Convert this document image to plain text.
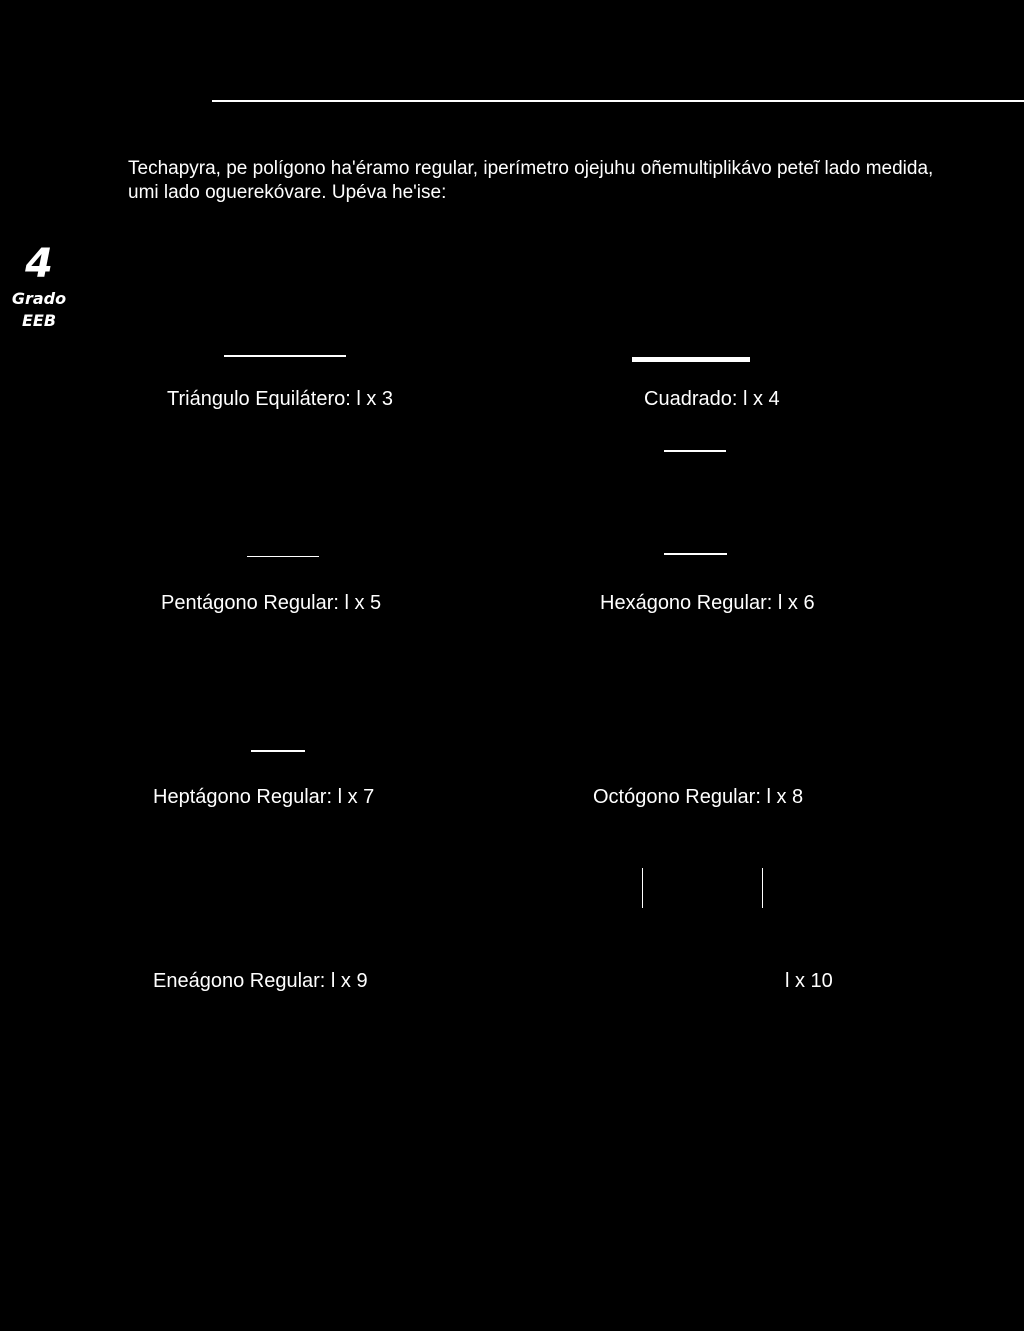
Techapyra, pe polígono ha'éramo regular, iperímetro ojejuhu oñemultiplikávo peteĩ lado medida, umi lado oguerekóvare. Upéva he'ise:
4
Grado
EEB
Triángulo Equilátero: l x 3	Cuadrado: l x 4
Pentágono Regular: l x 5	Hexágono Regular: l x 6
Heptágono Regular: l x 7	Octógono Regular: l x 8
Eneágono Regular: l x 9	l x 10
